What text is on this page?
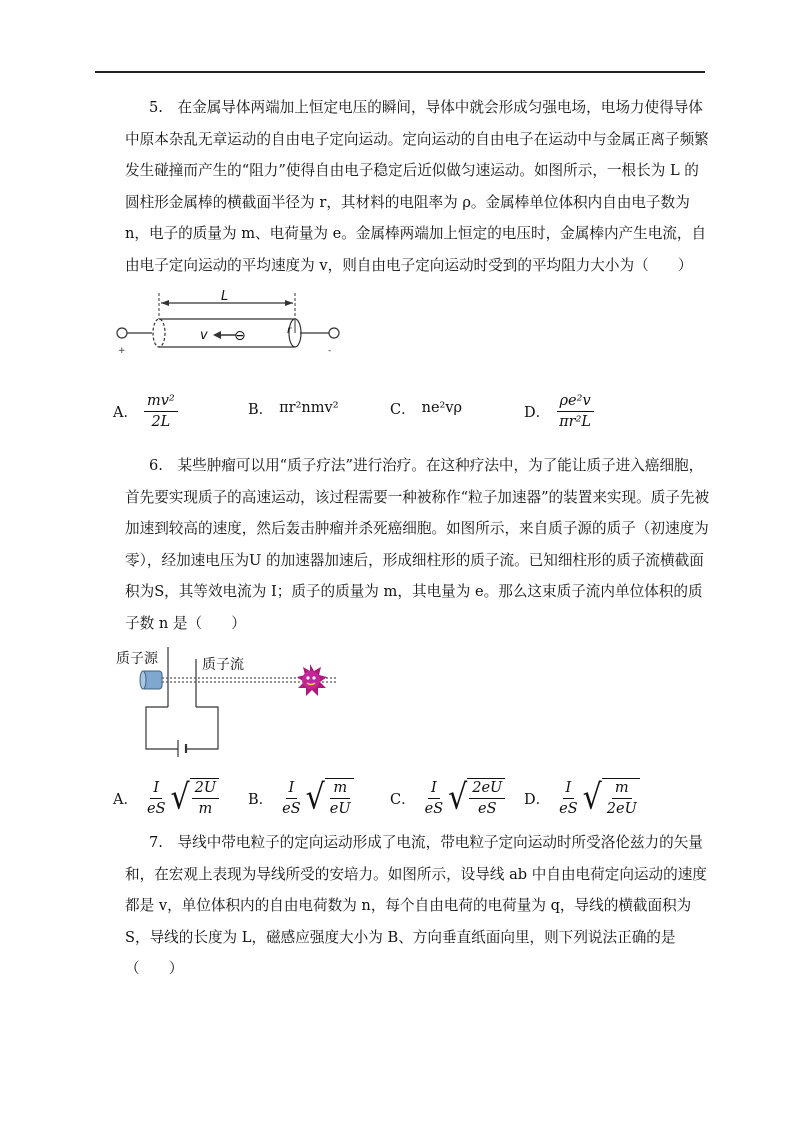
5.　在金属导体两端加上恒定电压的瞬间，导体中就会形成匀强电场，电场力使得导体中原本杂乱无章运动的自由电子定向运动。定向运动的自由电子在运动中与金属正离子频繁发生碰撞而产生的“阻力”使得自由电子稳定后近似做匀速运动。如图所示，一根长为 L 的圆柱形金属棒的横截面半径为 r，其材料的电阻率为 ρ。金属棒单位体积内自由电子数为 n，电子的质量为 m、电荷量为 e。金属棒两端加上恒定的电压时，金属棒内产生电流，自由电子定向运动的平均速度为 v，则自由电子定向运动时受到的平均阻力大小为（　　）

+	-
L
r
v ⊖
A． $\frac{\text{mv²}}{2L}$	B． πr²nmv²	C． ne²vρ	D． $\frac{\text{ρe²v}}{\text{πr²L}}$

6.　某些肿瘤可以用“质子疗法”进行治疗。在这种疗法中，为了能让质子进入癌细胞，首先要实现质子的高速运动，该过程需要一种被称作“粒子加速器”的装置来实现。质子先被加速到较高的速度，然后轰击肿瘤并杀死癌细胞。如图所示，来自质子源的质子（初速度为零），经加速电压为U 的加速器加速后，形成细柱形的质子流。已知细柱形的质子流横截面积为S，其等效电流为 I；质子的质量为 m，其电量为 e。那么这束质子流内单位体积的质子数 n 是（　　）

质子源	质子流
A． $\frac{I}{eS}$ √ $\frac{2U}{m}$ B． $\frac{I}{eS}$ √ $\frac{m}{eU}$	C． $\frac{I}{eS}$ √ $\frac{2eU}{eS}$ D． $\frac{I}{eS}$ √ $\frac{m}{2eU}$

7.　导线中带电粒子的定向运动形成了电流，带电粒子定向运动时所受洛伦兹力的矢量和，在宏观上表现为导线所受的安培力。如图所示，设导线 ab 中自由电荷定向运动的速度都是 v，单位体积内的自由电荷数为 n，每个自由电荷的电荷量为 q，导线的横截面积为 S，导线的长度为 L，磁感应强度大小为 B、方向垂直纸面向里，则下列说法正确的是（　　）
